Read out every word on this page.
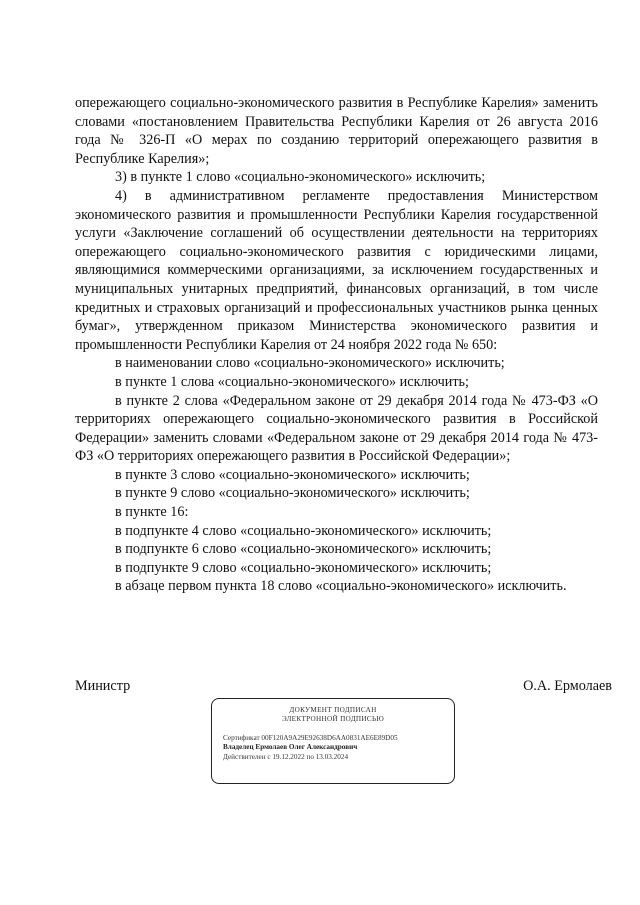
опережающего социально-экономического развития в Республике Карелия» заменить словами «постановлением Правительства Республики Карелия от 26 августа 2016 года № 326-П «О мерах по созданию территорий опережающего развития в Республике Карелия»;

3) в пункте 1 слово «социально-экономического» исключить;

4) в административном регламенте предоставления Министерством экономического развития и промышленности Республики Карелия государственной услуги «Заключение соглашений об осуществлении деятельности на территориях опережающего социально-экономического развития с юридическими лицами, являющимися коммерческими организациями, за исключением государственных и муниципальных унитарных предприятий, финансовых организаций, в том числе кредитных и страховых организаций и профессиональных участников рынка ценных бумаг», утвержденном приказом Министерства экономического развития и промышленности Республики Карелия от 24 ноября 2022 года № 650:

в наименовании слово «социально-экономического» исключить;

в пункте 1 слова «социально-экономического» исключить;

в пункте 2 слова «Федеральном законе от 29 декабря 2014 года № 473-ФЗ «О территориях опережающего социально-экономического развития в Российской Федерации» заменить словами «Федеральном законе от 29 декабря 2014 года № 473-ФЗ «О территориях опережающего развития в Российской Федерации»;

в пункте 3 слово «социально-экономического» исключить;

в пункте 9 слово «социально-экономического» исключить;

в пункте 16:

в подпункте 4 слово «социально-экономического» исключить;

в подпункте 6 слово «социально-экономического» исключить;

в подпункте 9 слово «социально-экономического» исключить;

в абзаце первом пункта 18 слово «социально-экономического» исключить.

Министр	О.А. Ермолаев
ДОКУМЕНТ ПОДПИСАН
ЭЛЕКТРОННОЙ ПОДПИСЬЮ
Сертификат 00F120A9A29E92638D6AA0831AE6E89D05
Владелец Ермолаев Олег Александрович
Действителен с 19.12.2022 по 13.03.2024
